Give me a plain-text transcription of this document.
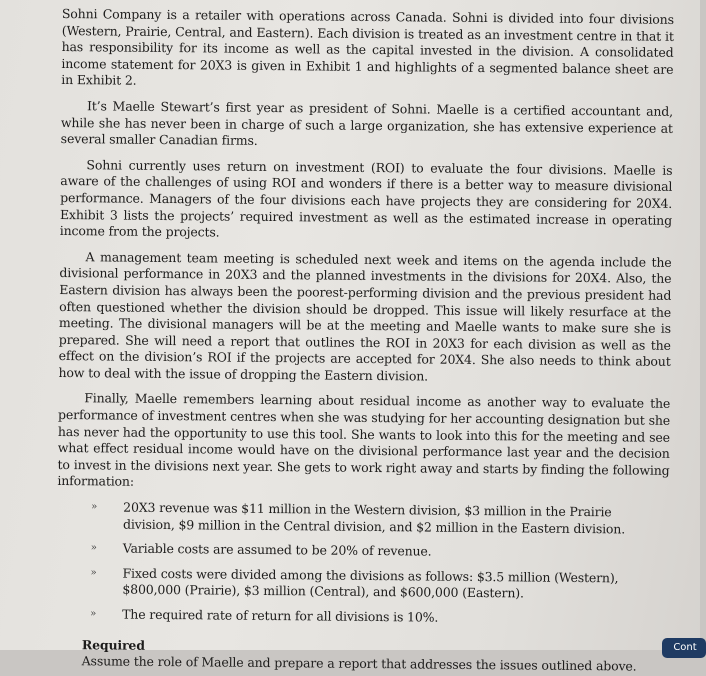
Sohni Company is a retailer with operations across Canada. Sohni is divided into four divisions (Western, Prairie, Central, and Eastern). Each division is treated as an investment centre in that it has responsibility for its income as well as the capital invested in the division. A consolidated income statement for 20X3 is given in Exhibit 1 and highlights of a segmented balance sheet are in Exhibit 2.

It’s Maelle Stewart’s first year as president of Sohni. Maelle is a certified accountant and, while she has never been in charge of such a large organization, she has extensive experience at several smaller Canadian firms.

Sohni currently uses return on investment (ROI) to evaluate the four divisions. Maelle is aware of the challenges of using ROI and wonders if there is a better way to measure divisional performance. Managers of the four divisions each have projects they are considering for 20X4. Exhibit 3 lists the projects’ required investment as well as the estimated increase in operating income from the projects.

A management team meeting is scheduled next week and items on the agenda include the divisional performance in 20X3 and the planned investments in the divisions for 20X4. Also, the Eastern division has always been the poorest-performing division and the previous president had often questioned whether the division should be dropped. This issue will likely resurface at the meeting. The divisional managers will be at the meeting and Maelle wants to make sure she is prepared. She will need a report that outlines the ROI in 20X3 for each division as well as the effect on the division’s ROI if the projects are accepted for 20X4. She also needs to think about how to deal with the issue of dropping the Eastern division.

Finally, Maelle remembers learning about residual income as another way to evaluate the performance of investment centres when she was studying for her accounting designation but she has never had the opportunity to use this tool. She wants to look into this for the meeting and see what effect residual income would have on the divisional performance last year and the decision to invest in the divisions next year. She gets to work right away and starts by finding the following information:

» 20X3 revenue was $11 million in the Western division, $3 million in the Prairie division, $9 million in the Central division, and $2 million in the Eastern division.
» Variable costs are assumed to be 20% of revenue.
» Fixed costs were divided among the divisions as follows: $3.5 million (Western), $800,000 (Prairie), $3 million (Central), and $600,000 (Eastern).
» The required rate of return for all divisions is 10%.
Required
Assume the role of Maelle and prepare a report that addresses the issues outlined above.
Cont
